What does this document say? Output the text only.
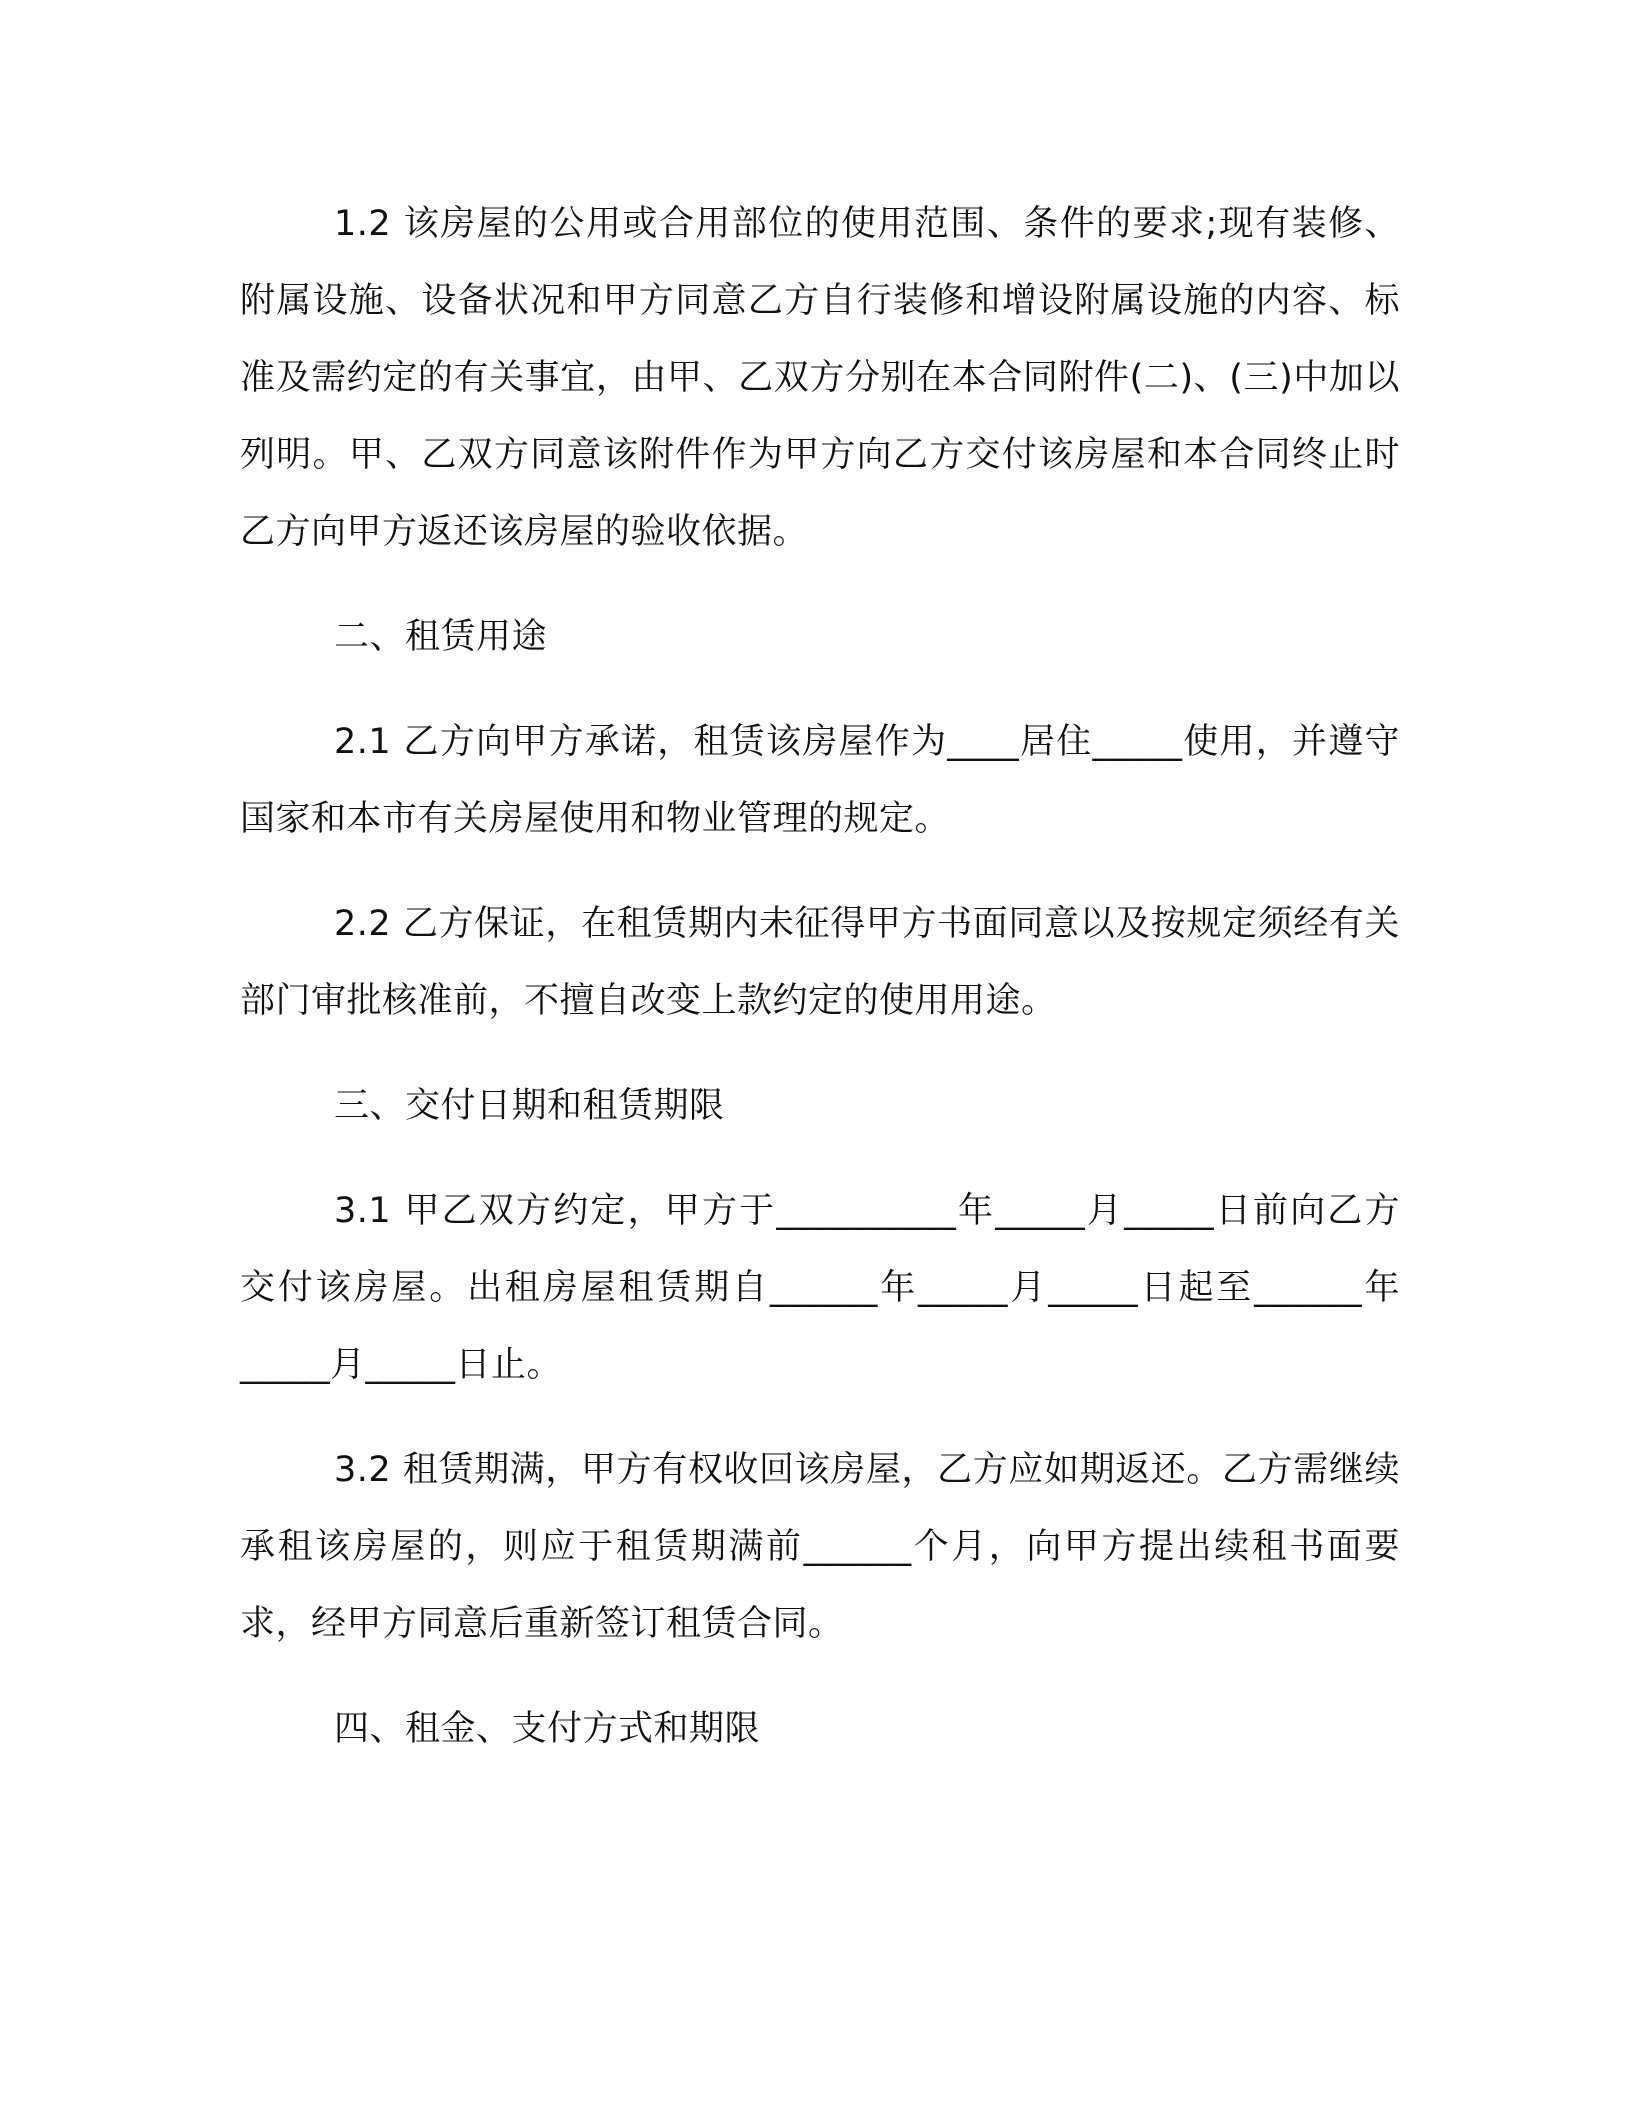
1.2 该房屋的公用或合用部位的使用范围、条件的要求;现有装修、附属设施、设备状况和甲方同意乙方自行装修和增设附属设施的内容、标准及需约定的有关事宜，由甲、乙双方分别在本合同附件(二)、(三)中加以列明。甲、乙双方同意该附件作为甲方向乙方交付该房屋和本合同终止时乙方向甲方返还该房屋的验收依据。

二、租赁用途

2.1 乙方向甲方承诺，租赁该房屋作为____居住_____使用，并遵守国家和本市有关房屋使用和物业管理的规定。

2.2 乙方保证，在租赁期内未征得甲方书面同意以及按规定须经有关部门审批核准前，不擅自改变上款约定的使用用途。

三、交付日期和租赁期限

3.1 甲乙双方约定，甲方于__________年_____月_____日前向乙方交付该房屋。出租房屋租赁期自______年_____月_____日起至______年_____月_____日止。

3.2 租赁期满，甲方有权收回该房屋，乙方应如期返还。乙方需继续承租该房屋的，则应于租赁期满前______个月，向甲方提出续租书面要求，经甲方同意后重新签订租赁合同。

四、租金、支付方式和期限
